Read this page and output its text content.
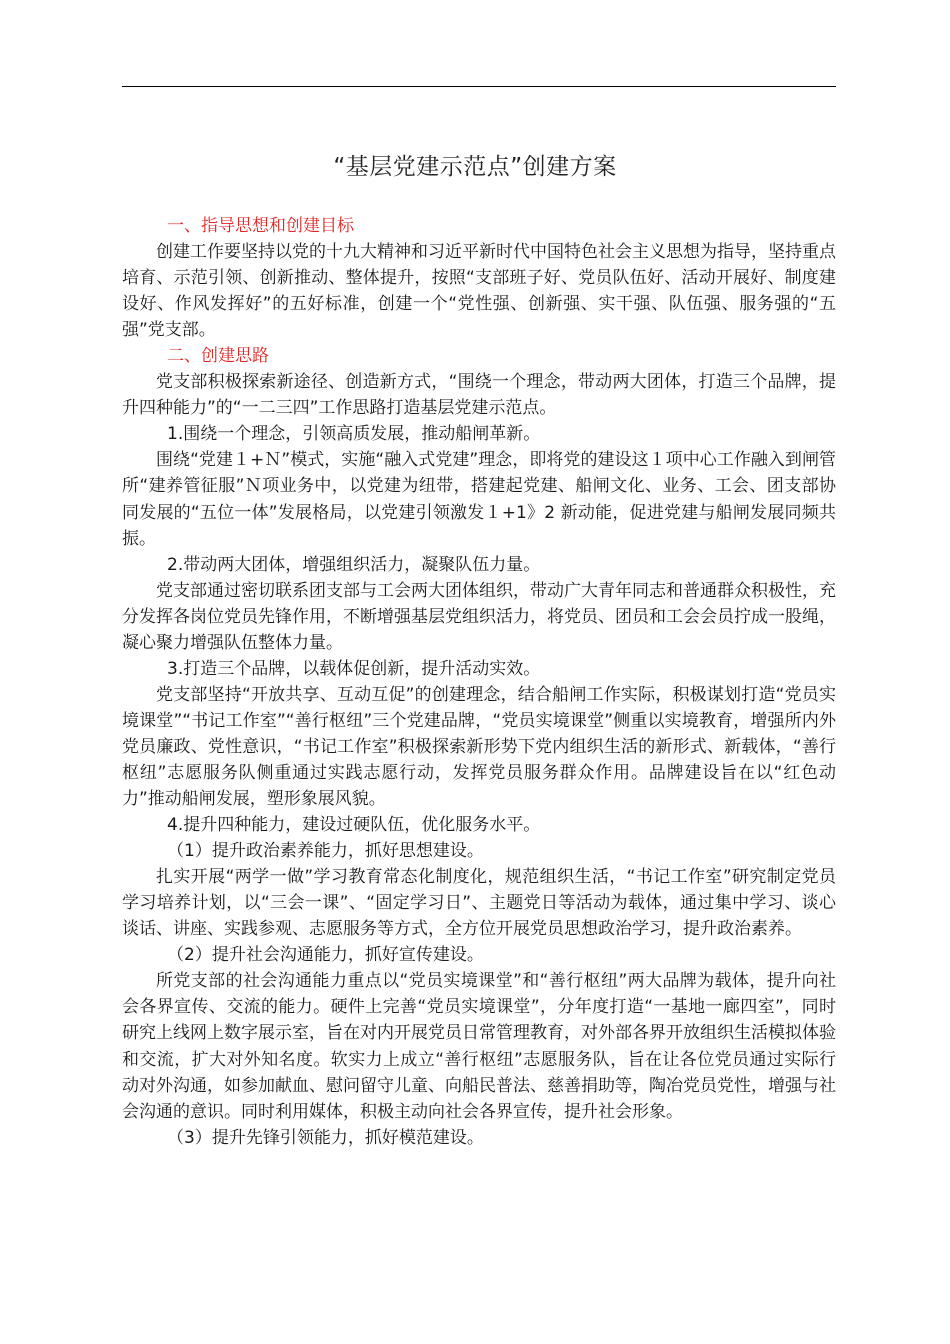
“基层党建示范点”创建方案

一、指导思想和创建目标

创建工作要坚持以党的十九大精神和习近平新时代中国特色社会主义思想为指导，坚持重点培育、示范引领、创新推动、整体提升，按照“支部班子好、党员队伍好、活动开展好、制度建设好、作风发挥好”的五好标准，创建一个“党性强、创新强、实干强、队伍强、服务强的“五强”党支部。

二、创建思路

党支部积极探索新途径、创造新方式，“围绕一个理念，带动两大团体，打造三个品牌，提升四种能力”的“一二三四”工作思路打造基层党建示范点。

1.围绕一个理念，引领高质发展，推动船闸革新。

围绕“党建１+Ｎ”模式，实施“融入式党建”理念，即将党的建设这１项中心工作融入到闸管所“建养管征服”Ｎ项业务中，以党建为纽带，搭建起党建、船闸文化、业务、工会、团支部协同发展的“五位一体”发展格局，以党建引领激发１+1》2 新动能，促进党建与船闸发展同频共振。

2.带动两大团体，增强组织活力，凝聚队伍力量。

党支部通过密切联系团支部与工会两大团体组织，带动广大青年同志和普通群众积极性，充分发挥各岗位党员先锋作用，不断增强基层党组织活力，将党员、团员和工会会员拧成一股绳，凝心聚力增强队伍整体力量。

3.打造三个品牌，以载体促创新，提升活动实效。

党支部坚持“开放共享、互动互促”的创建理念，结合船闸工作实际，积极谋划打造“党员实境课堂”“书记工作室”“善行枢纽”三个党建品牌，“党员实境课堂”侧重以实境教育，增强所内外党员廉政、党性意识，“书记工作室”积极探索新形势下党内组织生活的新形式、新载体，“善行枢纽”志愿服务队侧重通过实践志愿行动，发挥党员服务群众作用。品牌建设旨在以“红色动力”推动船闸发展，塑形象展风貌。

4.提升四种能力，建设过硬队伍，优化服务水平。

（1）提升政治素养能力，抓好思想建设。

扎实开展“两学一做”学习教育常态化制度化，规范组织生活，“书记工作室”研究制定党员学习培养计划，以“三会一课”、“固定学习日”、主题党日等活动为载体，通过集中学习、谈心谈话、讲座、实践参观、志愿服务等方式，全方位开展党员思想政治学习，提升政治素养。

（2）提升社会沟通能力，抓好宣传建设。

所党支部的社会沟通能力重点以“党员实境课堂”和“善行枢纽”两大品牌为载体，提升向社会各界宣传、交流的能力。硬件上完善“党员实境课堂”，分年度打造“一基地一廊四室”，同时研究上线网上数字展示室，旨在对内开展党员日常管理教育，对外部各界开放组织生活模拟体验和交流，扩大对外知名度。软实力上成立“善行枢纽”志愿服务队，旨在让各位党员通过实际行动对外沟通，如参加献血、慰问留守儿童、向船民普法、慈善捐助等，陶冶党员党性，增强与社会沟通的意识。同时利用媒体，积极主动向社会各界宣传，提升社会形象。

（3）提升先锋引领能力，抓好模范建设。
